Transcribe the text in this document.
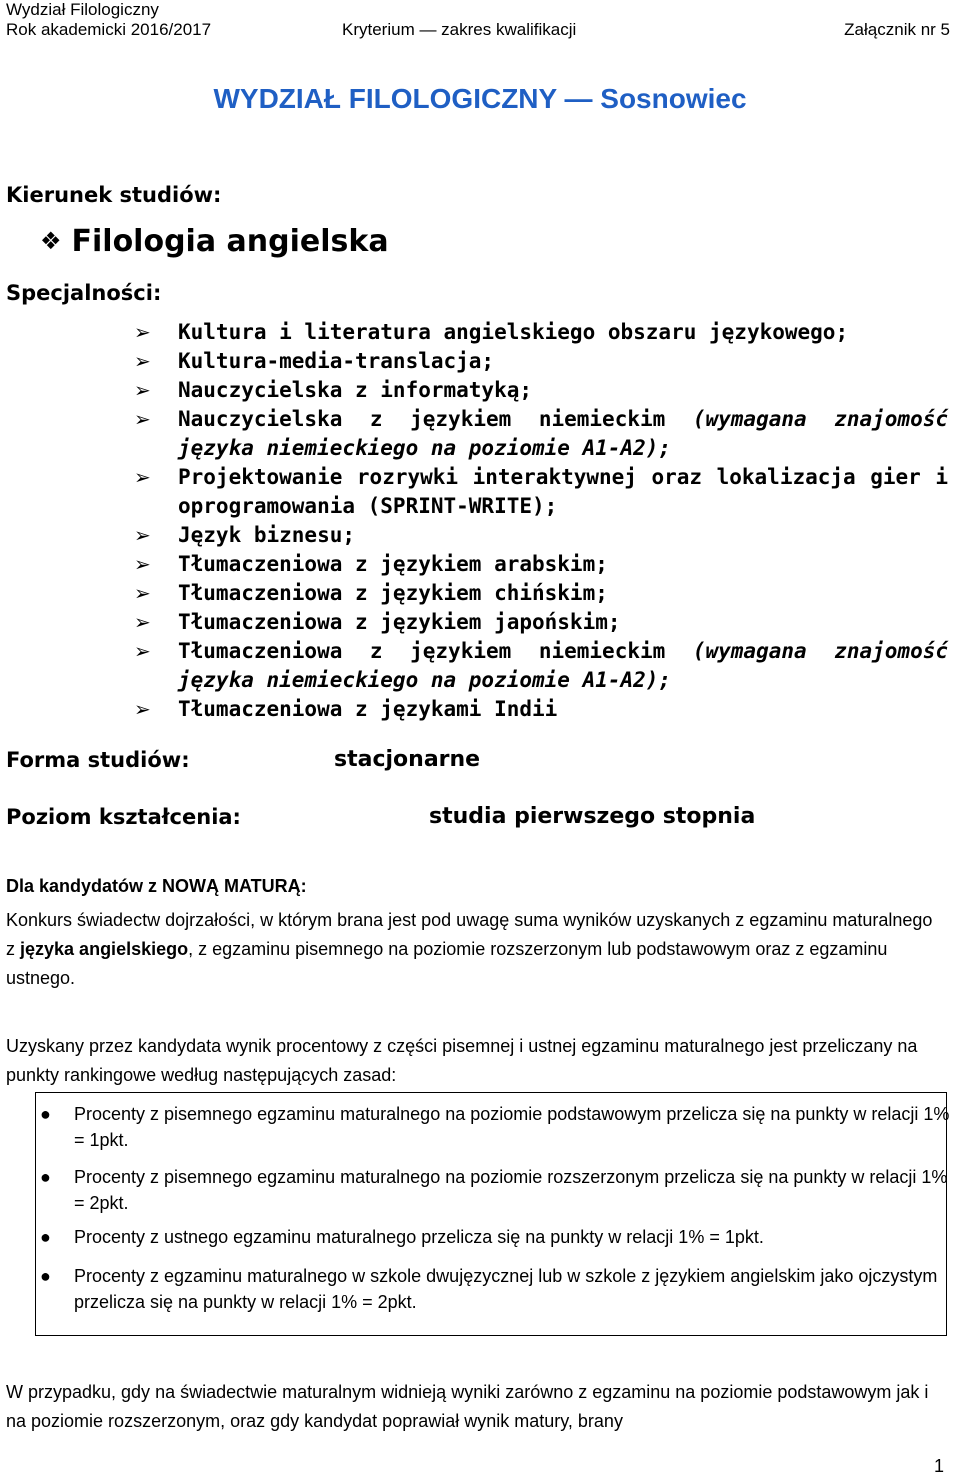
Wydział Filologiczny
Rok akademicki 2016/2017	Kryterium — zakres kwalifikacji	Załącznik nr 5
WYDZIAŁ FILOLOGICZNY — Sosnowiec
Kierunek studiów:
❖ Filologia angielska
Specjalności:
➢ Kultura i literatura angielskiego obszaru językowego;
➢ Kultura-media-translacja;
➢ Nauczycielska z informatyką;
➢ Nauczycielska z językiem niemieckim (wymagana znajomość języka niemieckiego na poziomie A1-A2);
➢ Projektowanie rozrywki interaktywnej oraz lokalizacja gier i oprogramowania (SPRINT-WRITE);
➢ Język biznesu;
➢ Tłumaczeniowa z językiem arabskim;
➢ Tłumaczeniowa z językiem chińskim;
➢ Tłumaczeniowa z językiem japońskim;
➢ Tłumaczeniowa z językiem niemieckim (wymagana znajomość języka niemieckiego na poziomie A1-A2);
➢ Tłumaczeniowa z językami Indii
Forma studiów:	stacjonarne
Poziom kształcenia:	studia pierwszego stopnia
Dla kandydatów z NOWĄ MATURĄ:
Konkurs świadectw dojrzałości, w którym brana jest pod uwagę suma wyników uzyskanych z egzaminu maturalnego z języka angielskiego, z egzaminu pisemnego na poziomie rozszerzonym lub podstawowym oraz z egzaminu ustnego.
Uzyskany przez kandydata wynik procentowy z części pisemnej i ustnej egzaminu maturalnego jest przeliczany na punkty rankingowe według następujących zasad:
● Procenty z pisemnego egzaminu maturalnego na poziomie podstawowym przelicza się na punkty w relacji 1% = 1pkt.
● Procenty z pisemnego egzaminu maturalnego na poziomie rozszerzonym przelicza się na punkty w relacji 1% = 2pkt.
● Procenty z ustnego egzaminu maturalnego przelicza się na punkty w relacji 1% = 1pkt.
● Procenty z egzaminu maturalnego w szkole dwujęzycznej lub w szkole z językiem angielskim jako ojczystym przelicza się na punkty w relacji 1% = 2pkt.
W przypadku, gdy na świadectwie maturalnym widnieją wyniki zarówno z egzaminu na poziomie podstawowym jak i na poziomie rozszerzonym, oraz gdy kandydat poprawiał wynik matury, brany
1
